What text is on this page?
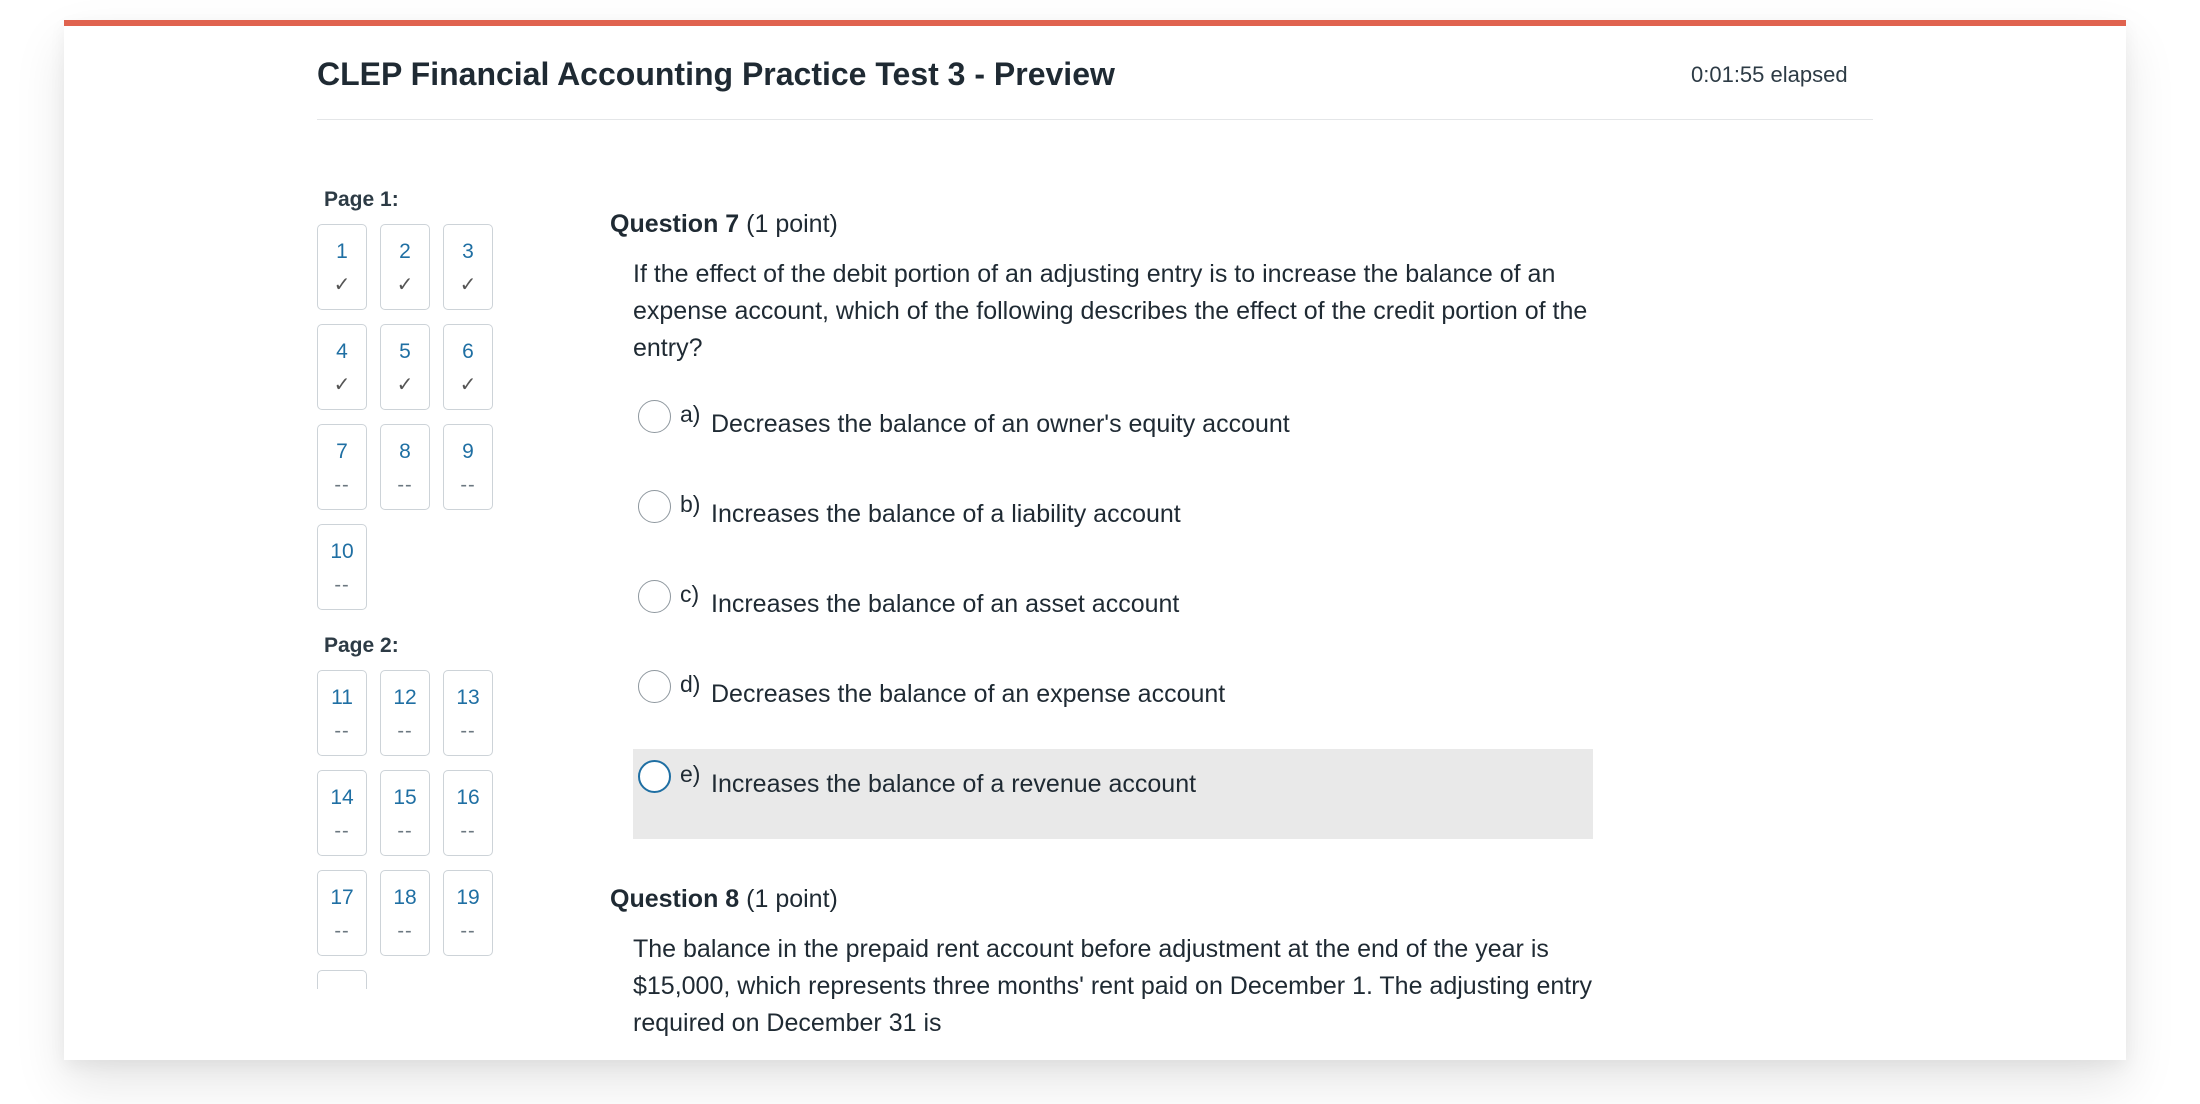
CLEP Financial Accounting Practice Test 3 - Preview	0:01:55 elapsed
Page 1:
1
✓
2
✓
3
✓
4
✓
5
✓
6
✓
7
--
8
--
9
--
10
--
Page 2:
11
--
12
--
13
--
14
--
15
--
16
--
17
--
18
--
19
--
Question 7 (1 point)
If the effect of the debit portion of an adjusting entry is to increase the balance of an expense account, which of the following describes the effect of the credit portion of the entry?
a) Decreases the balance of an owner's equity account
b) Increases the balance of a liability account
c) Increases the balance of an asset account
d) Decreases the balance of an expense account
e) Increases the balance of a revenue account
Question 8 (1 point)
The balance in the prepaid rent account before adjustment at the end of the year is $15,000, which represents three months' rent paid on December 1. The adjusting entry required on December 31 is
